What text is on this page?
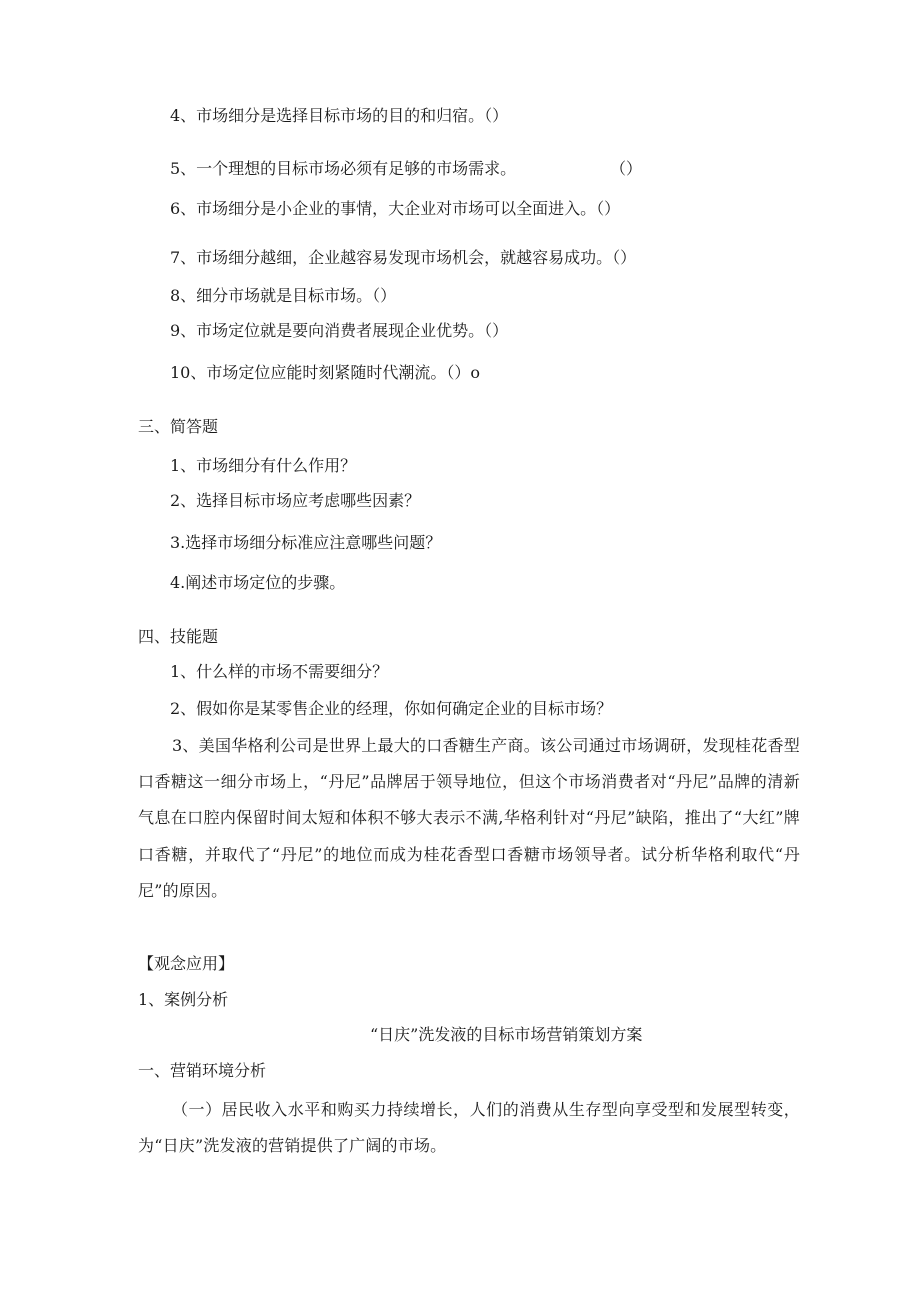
4、市场细分是选择目标市场的目的和归宿。（）
5、一个理想的目标市场必须有足够的市场需求。	（）
6、市场细分是小企业的事情，大企业对市场可以全面进入。（）
7、市场细分越细，企业越容易发现市场机会，就越容易成功。（）
8、细分市场就是目标市场。（）
9、市场定位就是要向消费者展现企业优势。（）
10、市场定位应能时刻紧随时代潮流。（）o
三、简答题
1、市场细分有什么作用？
2、选择目标市场应考虑哪些因素？
3.选择市场细分标准应注意哪些问题？
4.阐述市场定位的步骤。
四、技能题
1、什么样的市场不需要细分？
2、假如你是某零售企业的经理，你如何确定企业的目标市场？
3、美国华格利公司是世界上最大的口香糖生产商。该公司通过市场调研，发现桂花香型口香糖这一细分市场上，“丹尼”品牌居于领导地位，但这个市场消费者对“丹尼”品牌的清新气息在口腔内保留时间太短和体积不够大表示不满,华格利针对“丹尼”缺陷，推出了“大红”牌口香糖，并取代了“丹尼”的地位而成为桂花香型口香糖市场领导者。试分析华格利取代“丹尼”的原因。
【观念应用】
1、案例分析
“日庆”洗发液的目标市场营销策划方案
一、营销环境分析
（一）居民收入水平和购买力持续增长，人们的消费从生存型向享受型和发展型转变，为“日庆”洗发液的营销提供了广阔的市场。
